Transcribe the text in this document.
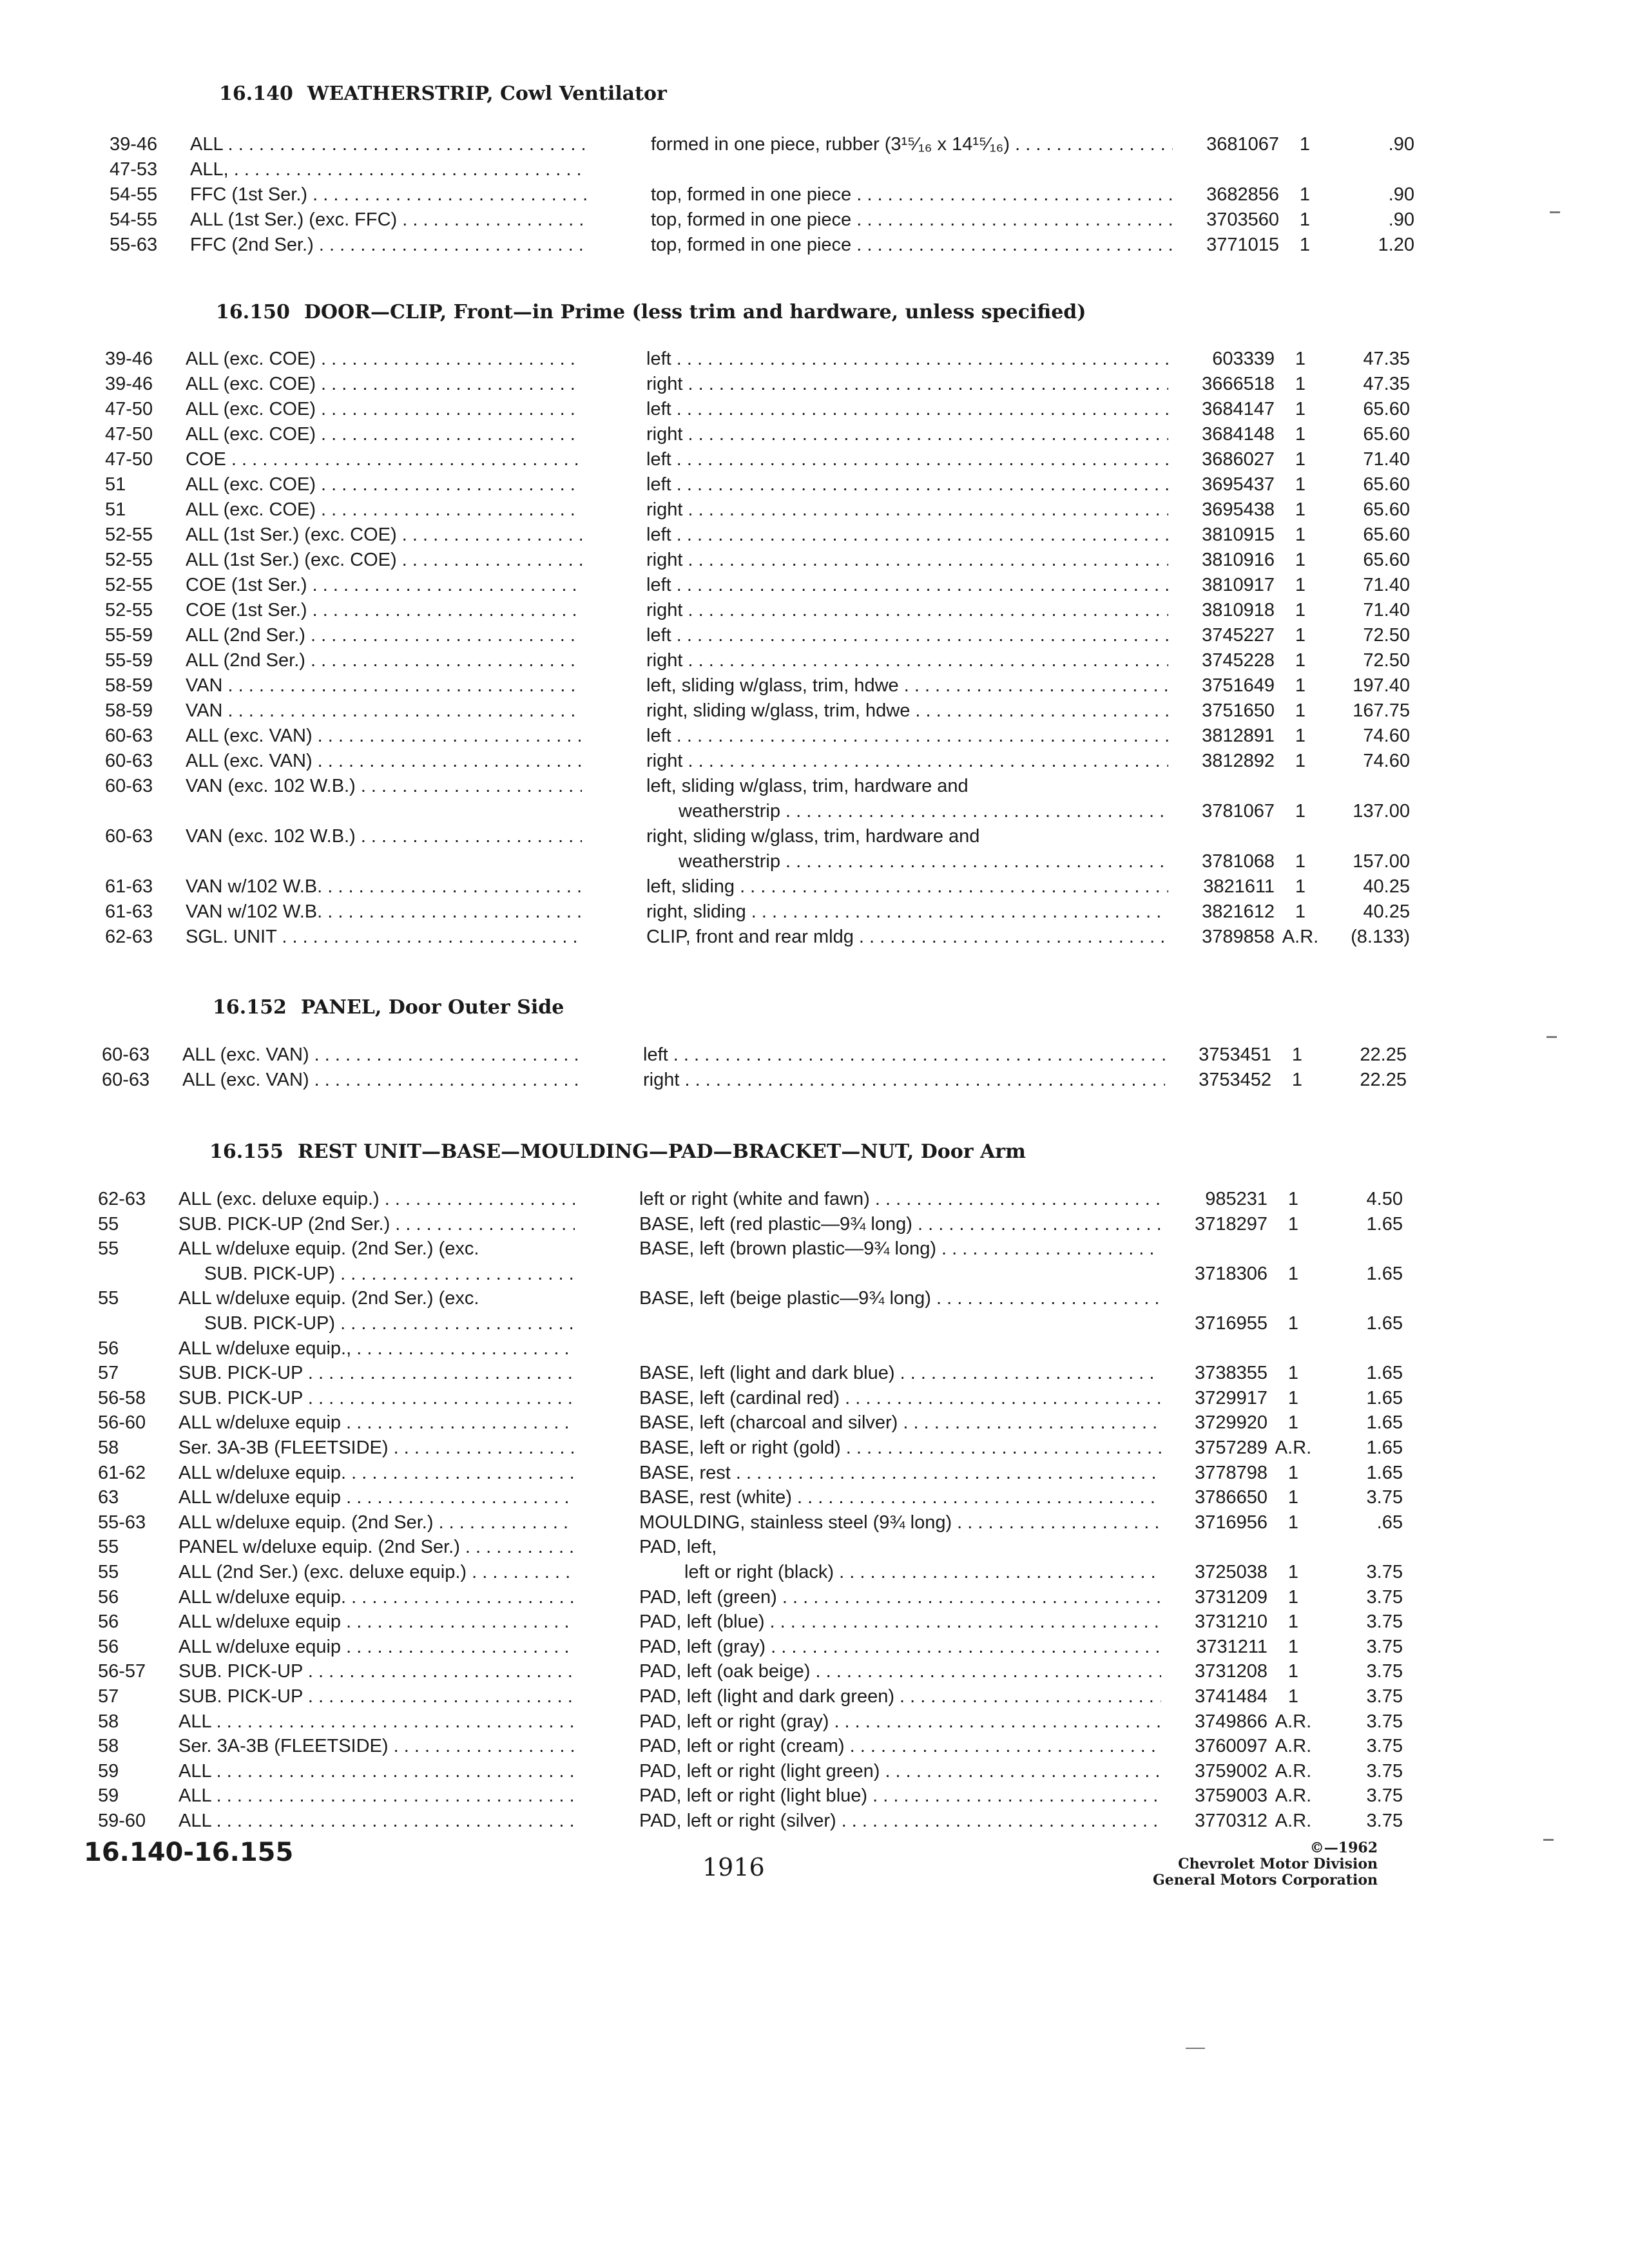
16.140 WEATHERSTRIP, Cowl Ventilator
39-46	ALL . . .	formed in one piece, rubber (3¹⁵⁄₁₆ x 14¹⁵⁄₁₆) . . .	3681067	1	.90
47-53	ALL, . . .
54-55	FFC (1st Ser.) . . .	top, formed in one piece . . .	3682856	1	.90
54-55	ALL (1st Ser.) (exc. FFC) . . .	top, formed in one piece . . .	3703560	1	.90
55-63	FFC (2nd Ser.) . . .	top, formed in one piece . . .	3771015	1	1.20
16.150 DOOR—CLIP, Front—in Prime (less trim and hardware, unless specified)
39-46	ALL (exc. COE) . . .	left . . .	603339	1	47.35
39-46	ALL (exc. COE) . . .	right . . .	3666518	1	47.35
47-50	ALL (exc. COE) . . .	left . . .	3684147	1	65.60
47-50	ALL (exc. COE) . . .	right . . .	3684148	1	65.60
47-50	COE . . .	left . . .	3686027	1	71.40
51	ALL (exc. COE) . . .	left . . .	3695437	1	65.60
51	ALL (exc. COE) . . .	right . . .	3695438	1	65.60
52-55	ALL (1st Ser.) (exc. COE) . . .	left . . .	3810915	1	65.60
52-55	ALL (1st Ser.) (exc. COE) . . .	right . . .	3810916	1	65.60
52-55	COE (1st Ser.) . . .	left . . .	3810917	1	71.40
52-55	COE (1st Ser.) . . .	right . . .	3810918	1	71.40
55-59	ALL (2nd Ser.) . . .	left . . .	3745227	1	72.50
55-59	ALL (2nd Ser.) . . .	right . . .	3745228	1	72.50
58-59	VAN . . .	left, sliding w/glass, trim, hdwe . . .	3751649	1	197.40
58-59	VAN . . .	right, sliding w/glass, trim, hdwe . . .	3751650	1	167.75
60-63	ALL (exc. VAN) . . .	left . . .	3812891	1	74.60
60-63	ALL (exc. VAN) . . .	right . . .	3812892	1	74.60
60-63	VAN (exc. 102 W.B.) . . .	left, sliding w/glass, trim, hardware and
weatherstrip . . .	3781067	1	137.00
60-63	VAN (exc. 102 W.B.) . . .	right, sliding w/glass, trim, hardware and
weatherstrip . . .	3781068	1	157.00
61-63	VAN w/102 W.B. . . .	left, sliding . . .	3821611	1	40.25
61-63	VAN w/102 W.B. . . .	right, sliding . . .	3821612	1	40.25
62-63	SGL. UNIT . . .	CLIP, front and rear mldg . . .	3789858 A.R.	(8.133)
16.152 PANEL, Door Outer Side
60-63	ALL (exc. VAN) . . .	left . . .	3753451	1	22.25
60-63	ALL (exc. VAN) . . .	right . . .	3753452	1	22.25
16.155 REST UNIT—BASE—MOULDING—PAD—BRACKET—NUT, Door Arm
62-63	ALL (exc. deluxe equip.) . . .	left or right (white and fawn) . . .	985231	1	4.50
55	SUB. PICK-UP (2nd Ser.) . . .	BASE, left (red plastic—9¾ long) . . .	3718297	1	1.65
55	ALL w/deluxe equip. (2nd Ser.) (exc.	BASE, left (brown plastic—9¾ long) . . .
SUB. PICK-UP) . . .	3718306	1	1.65
55	ALL w/deluxe equip. (2nd Ser.) (exc.	BASE, left (beige plastic—9¾ long) . . .
SUB. PICK-UP) . . .	3716955	1	1.65
56	ALL w/deluxe equip., . . .
57	SUB. PICK-UP . . .	BASE, left (light and dark blue) . . .	3738355	1	1.65
56-58	SUB. PICK-UP . . .	BASE, left (cardinal red) . . .	3729917	1	1.65
56-60	ALL w/deluxe equip . . .	BASE, left (charcoal and silver) . . .	3729920	1	1.65
58	Ser. 3A-3B (FLEETSIDE) . . .	BASE, left or right (gold) . . .	3757289 A.R.	1.65
61-62	ALL w/deluxe equip. . . .	BASE, rest . . .	3778798	1	1.65
63	ALL w/deluxe equip . . .	BASE, rest (white) . . .	3786650	1	3.75
55-63	ALL w/deluxe equip. (2nd Ser.) . . .	MOULDING, stainless steel (9¾ long) . . .	3716956	1	.65
55	PANEL w/deluxe equip. (2nd Ser.) . . .	PAD, left,
55	ALL (2nd Ser.) (exc. deluxe equip.) . . .	left or right (black) . . .	3725038	1	3.75
56	ALL w/deluxe equip. . . .	PAD, left (green) . . .	3731209	1	3.75
56	ALL w/deluxe equip . . .	PAD, left (blue) . . .	3731210	1	3.75
56	ALL w/deluxe equip . . .	PAD, left (gray) . . .	3731211	1	3.75
56-57	SUB. PICK-UP . . .	PAD, left (oak beige) . . .	3731208	1	3.75
57	SUB. PICK-UP . . .	PAD, left (light and dark green) . . .	3741484	1	3.75
58	ALL . . .	PAD, left or right (gray) . . .	3749866 A.R.	3.75
58	Ser. 3A-3B (FLEETSIDE) . . .	PAD, left or right (cream) . . .	3760097 A.R.	3.75
59	ALL . . .	PAD, left or right (light green) . . .	3759002 A.R.	3.75
59	ALL . . .	PAD, left or right (light blue) . . .	3759003 A.R.	3.75
59-60	ALL . . .	PAD, left or right (silver) . . .	3770312 A.R.	3.75
16.140-16.155	1916
©—1962
Chevrolet Motor Division
General Motors Corporation
